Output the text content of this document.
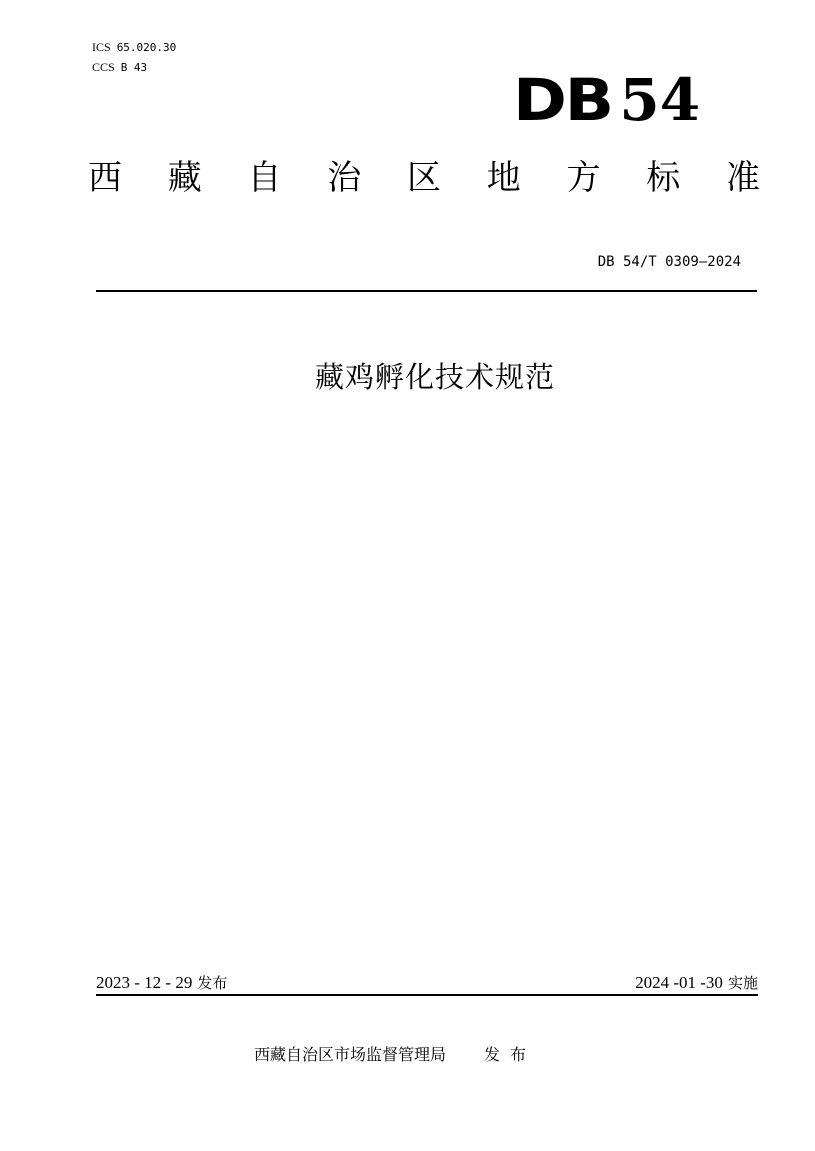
ICS 65.020.30
CCS B 43	DB 54
西 藏 自 治 区 地 方 标 准
DB 54/T 0309—2024
藏鸡孵化技术规范
2023 - 12 - 29 发布	2024 -01 -30 实施
西藏自治区市场监督管理局 发布
